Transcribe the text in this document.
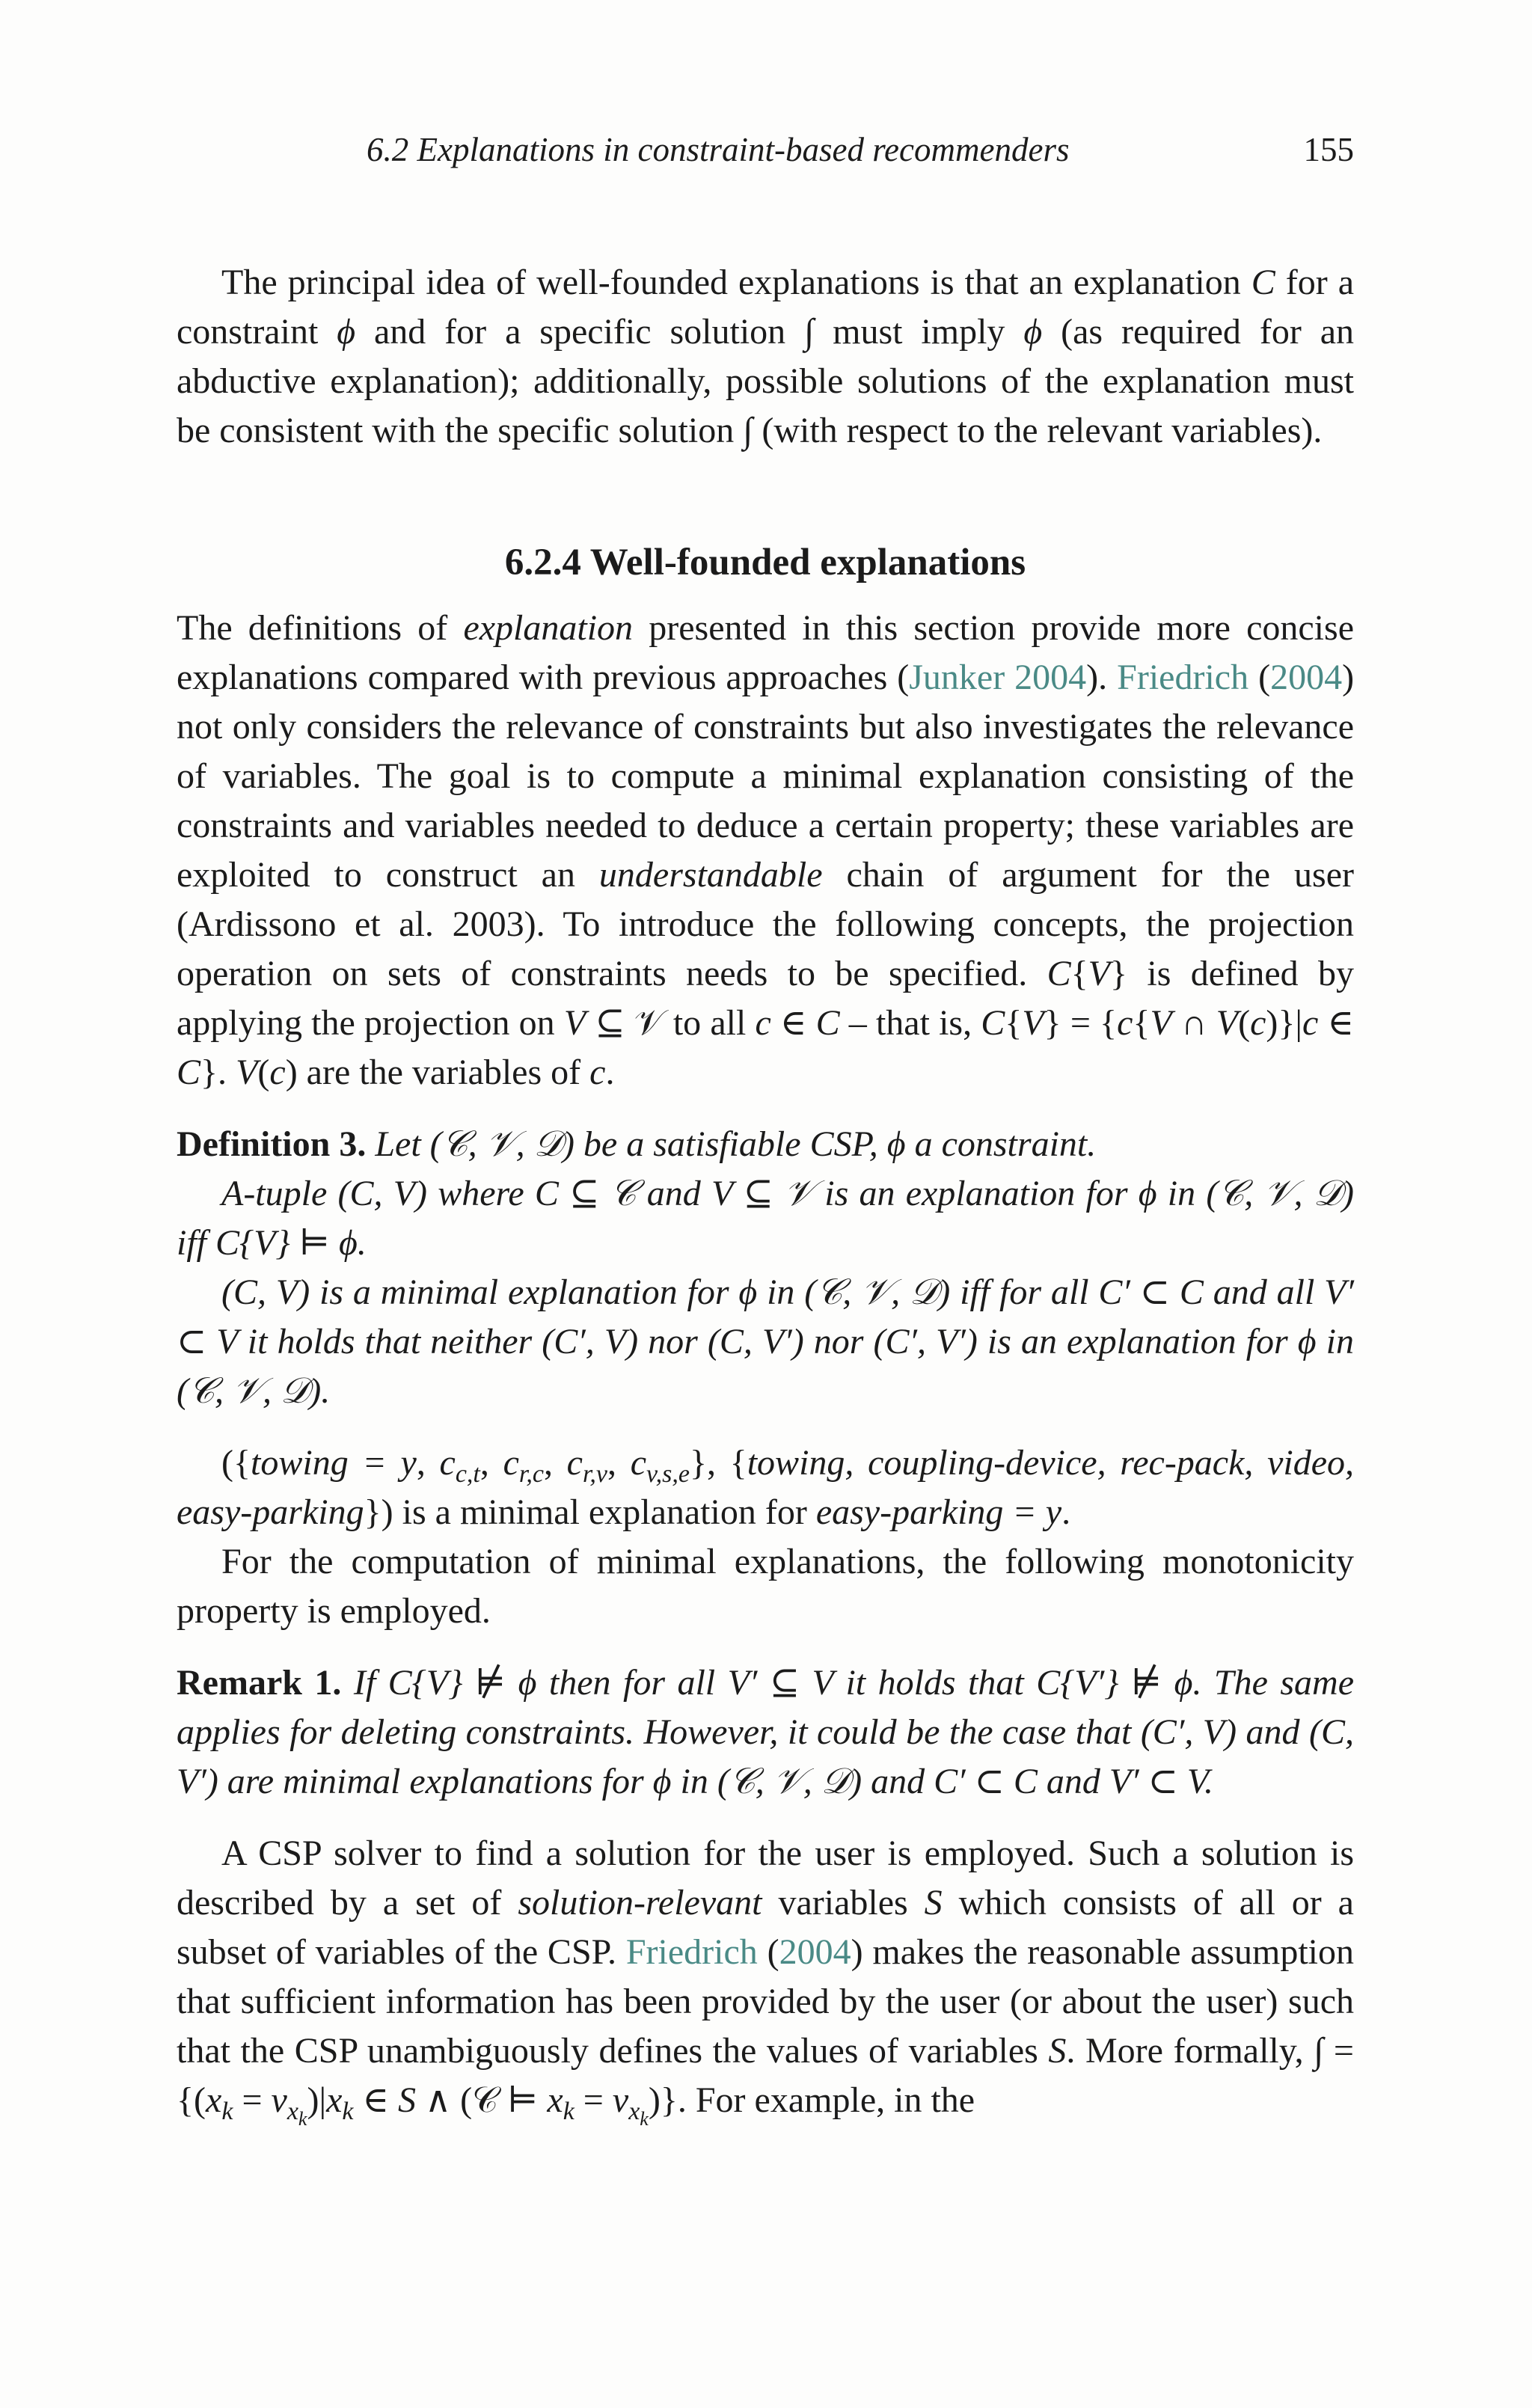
6.2 Explanations in constraint-based recommenders	155

The principal idea of well-founded explanations is that an explanation C for a constraint ϕ and for a specific solution ∫ must imply ϕ (as required for an abductive explanation); additionally, possible solutions of the explanation must be consistent with the specific solution ∫ (with respect to the relevant variables).

6.2.4 Well-founded explanations

The definitions of explanation presented in this section provide more concise explanations compared with previous approaches (Junker 2004). Friedrich (2004) not only considers the relevance of constraints but also investigates the relevance of variables. The goal is to compute a minimal explanation consisting of the constraints and variables needed to deduce a certain property; these variables are exploited to construct an understandable chain of argument for the user (Ardissono et al. 2003). To introduce the following concepts, the projection operation on sets of constraints needs to be specified. C{V} is defined by applying the projection on V ⊆ 𝒱 to all c ∈ C – that is, C{V} = {c{V ∩ V(c)}|c ∈ C}. V(c) are the variables of c.

Definition 3. Let (𝒞, 𝒱, 𝒟) be a satisfiable CSP, ϕ a constraint.

A-tuple (C, V) where C ⊆ 𝒞 and V ⊆ 𝒱 is an explanation for ϕ in (𝒞, 𝒱, 𝒟) iff C{V} ⊨ ϕ.

(C, V) is a minimal explanation for ϕ in (𝒞, 𝒱, 𝒟) iff for all C′ ⊂ C and all V′ ⊂ V it holds that neither (C′, V) nor (C, V′) nor (C′, V′) is an explanation for ϕ in (𝒞, 𝒱, 𝒟).

({towing = y, $c_{c,t}$, $c_{r,c}$, $c_{r,v}$, $c_{v,s,e}$}, {towing, coupling-device, rec-pack, video, easy-parking}) is a minimal explanation for easy-parking = y.

For the computation of minimal explanations, the following monotonicity property is employed.

Remark 1. If C{V} ⊭ ϕ then for all V′ ⊆ V it holds that C{V′} ⊭ ϕ. The same applies for deleting constraints. However, it could be the case that (C′, V) and (C, V′) are minimal explanations for ϕ in (𝒞, 𝒱, 𝒟) and C′ ⊂ C and V′ ⊂ V.

A CSP solver to find a solution for the user is employed. Such a solution is described by a set of solution-relevant variables S which consists of all or a subset of variables of the CSP. Friedrich (2004) makes the reasonable assumption that sufficient information has been provided by the user (or about the user) such that the CSP unambiguously defines the values of variables S. More formally, ∫ = {$(x_k = v_{x_k})|x_k$ ∈ S ∧ (𝒞 ⊨ $x_k = v_{x_k}$)}. For example, in the
